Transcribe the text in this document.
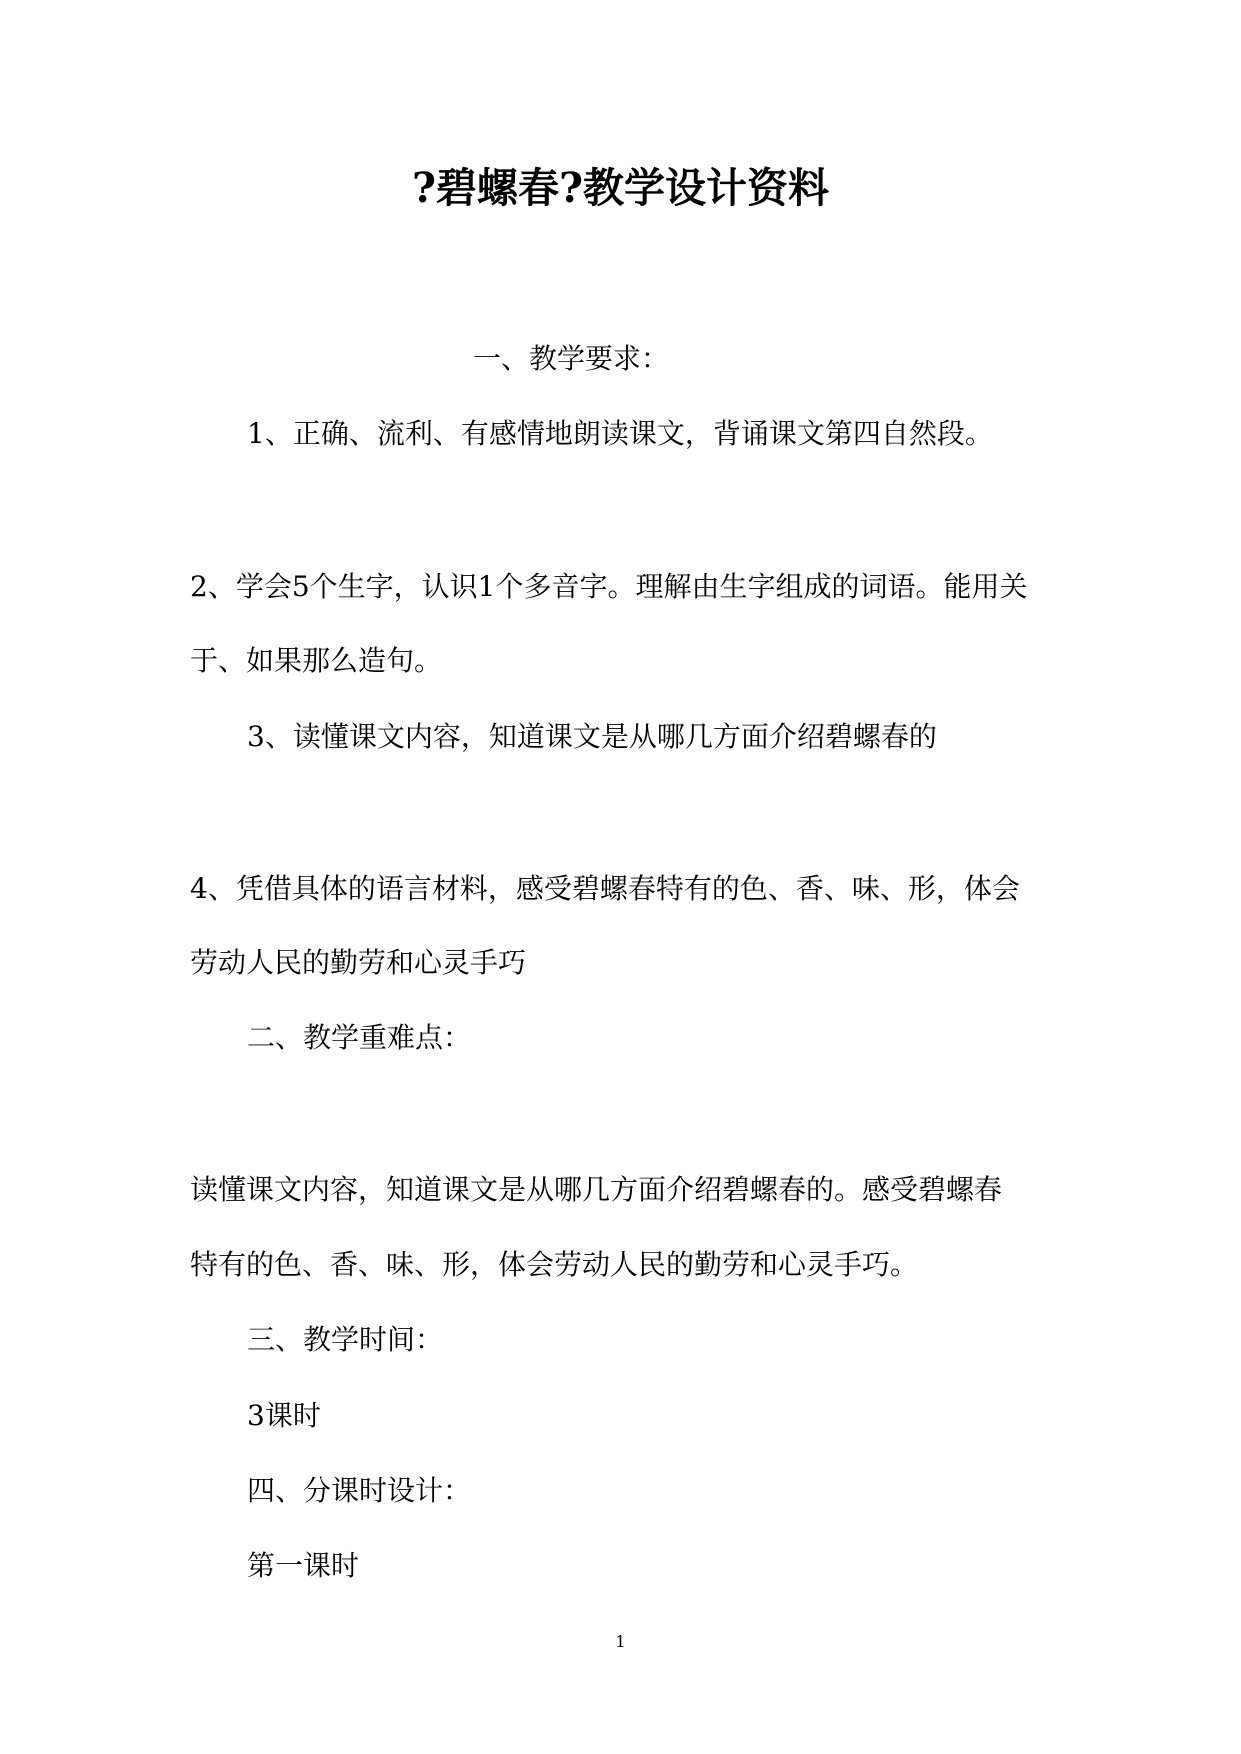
?碧螺春?教学设计资料
一、教学要求：
1、正确、流利、有感情地朗读课文，背诵课文第四自然段。
2、学会5个生字，认识1个多音字。理解由生字组成的词语。能用关
于、如果那么造句。
3、读懂课文内容，知道课文是从哪几方面介绍碧螺春的
4、凭借具体的语言材料，感受碧螺春特有的色、香、味、形，体会
劳动人民的勤劳和心灵手巧
二、教学重难点：
读懂课文内容，知道课文是从哪几方面介绍碧螺春的。感受碧螺春
特有的色、香、味、形，体会劳动人民的勤劳和心灵手巧。
三、教学时间：
3课时
四、分课时设计：
第一课时
1
